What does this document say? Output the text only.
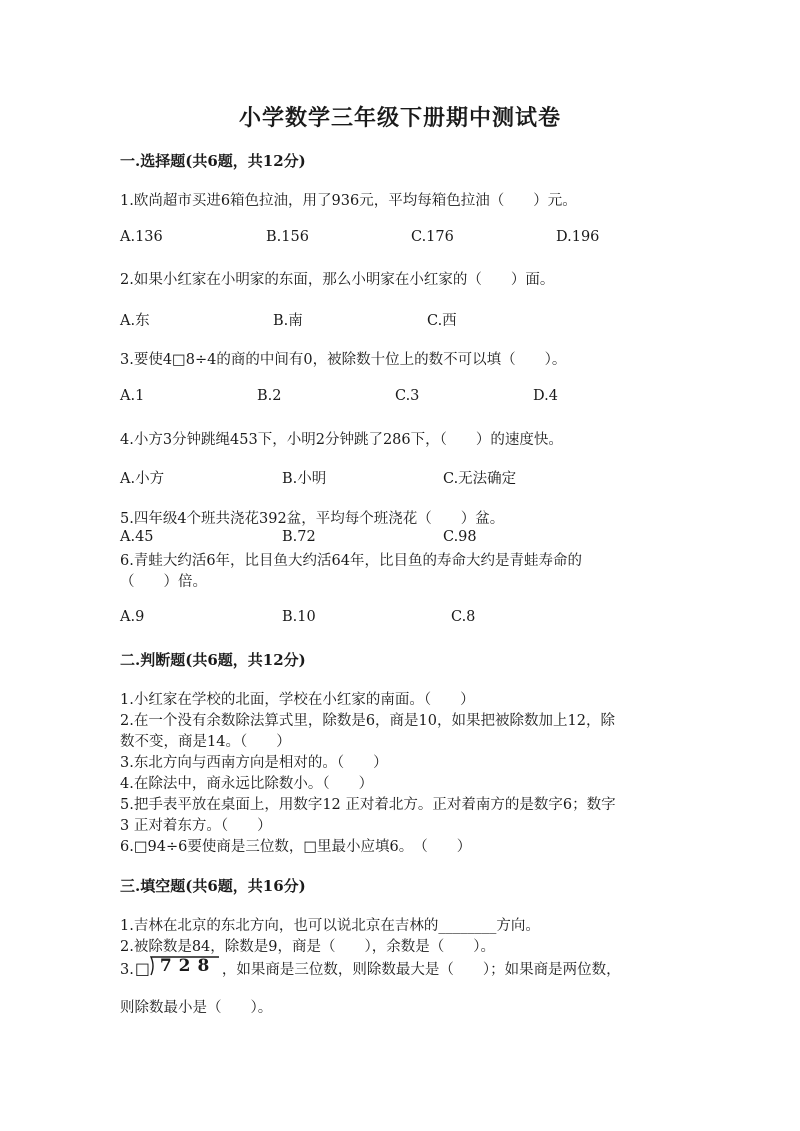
小学数学三年级下册期中测试卷
一.选择题(共6题，共12分)
1.欧尚超市买进6箱色拉油，用了936元，平均每箱色拉油（　　）元。
A.136	B.156	C.176	D.196
2.如果小红家在小明家的东面，那么小明家在小红家的（　　）面。
A.东	B.南	C.西
3.要使4□8÷4的商的中间有0，被除数十位上的数不可以填（　　）。
A.1	B.2	C.3	D.4
4.小方3分钟跳绳453下，小明2分钟跳了286下，（　　）的速度快。
A.小方	B.小明	C.无法确定
5.四年级4个班共浇花392盆，平均每个班浇花（　　）盆。
A.45	B.72	C.98
6.青蛙大约活6年，比目鱼大约活64年，比目鱼的寿命大约是青蛙寿命的
（　　）倍。
A.9	B.10	C.8
二.判断题(共6题，共12分)
1.小红家在学校的北面，学校在小红家的南面。（　　）
2.在一个没有余数除法算式里，除数是6，商是10，如果把被除数加上12，除
数不变，商是14。（　　）
3.东北方向与西南方向是相对的。（　　）
4.在除法中，商永远比除数小。（　　）
5.把手表平放在桌面上，用数字12 正对着北方。正对着南方的是数字6；数字
3 正对着东方。（　　）
6.□94÷6要使商是三位数，□里最小应填6。　（　　）
三.填空题(共6题，共16分)
1.吉林在北京的东北方向，也可以说北京在吉林的________方向。
2.被除数是84，除数是9，商是（　　），余数是（　　）。
3. □ 728 ，如果商是三位数，则除数最大是（　　）；如果商是两位数，
则除数最小是（　　）。
